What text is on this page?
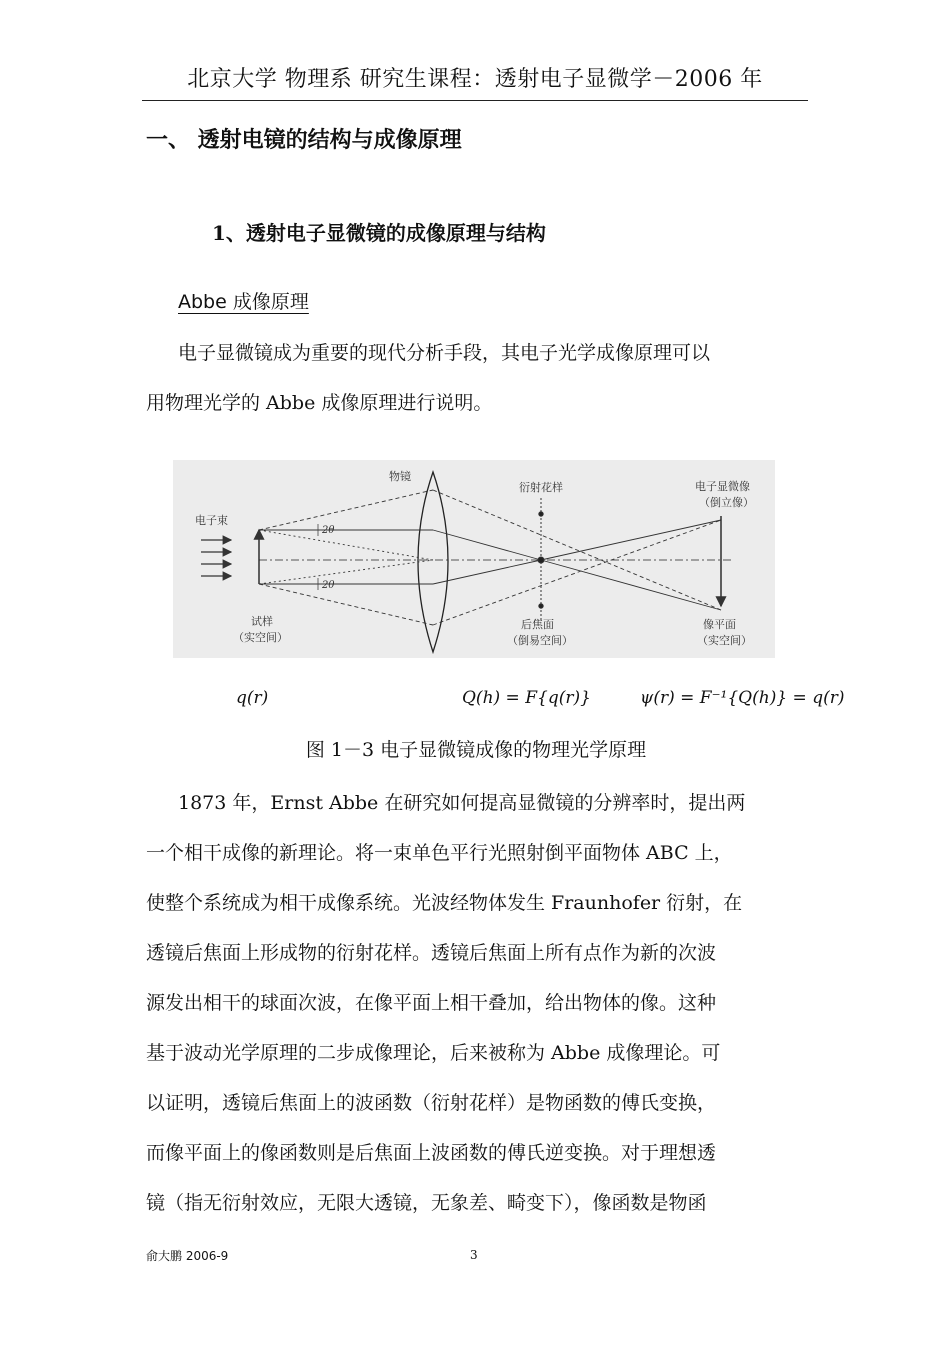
北京大学 物理系 研究生课程：透射电子显微学－2006 年
一、 透射电镜的结构与成像原理
1、透射电子显微镜的成像原理与结构
Abbe 成像原理
电子显微镜成为重要的现代分析手段，其电子光学成像原理可以
用物理光学的 Abbe 成像原理进行说明。
电子束
物镜
衍射花样	电子显微像
（倒立像）
试样
（实空间）
后焦面
（倒易空间）
像平面
（实空间）
2θ
2θ
q(r)	Q(h) = F{q(r)}	ψ(r) = F⁻¹{Q(h)} = q(r)
图 1－3 电子显微镜成像的物理光学原理
1873 年，Ernst Abbe 在研究如何提高显微镜的分辨率时，提出两
一个相干成像的新理论。将一束单色平行光照射倒平面物体 ABC 上，
使整个系统成为相干成像系统。光波经物体发生 Fraunhofer 衍射，在
透镜后焦面上形成物的衍射花样。透镜后焦面上所有点作为新的次波
源发出相干的球面次波，在像平面上相干叠加，给出物体的像。这种
基于波动光学原理的二步成像理论，后来被称为 Abbe 成像理论。可
以证明，透镜后焦面上的波函数（衍射花样）是物函数的傅氏变换，
而像平面上的像函数则是后焦面上波函数的傅氏逆变换。对于理想透
镜（指无衍射效应，无限大透镜，无象差、畸变下），像函数是物函
俞大鹏 2006-9	3
